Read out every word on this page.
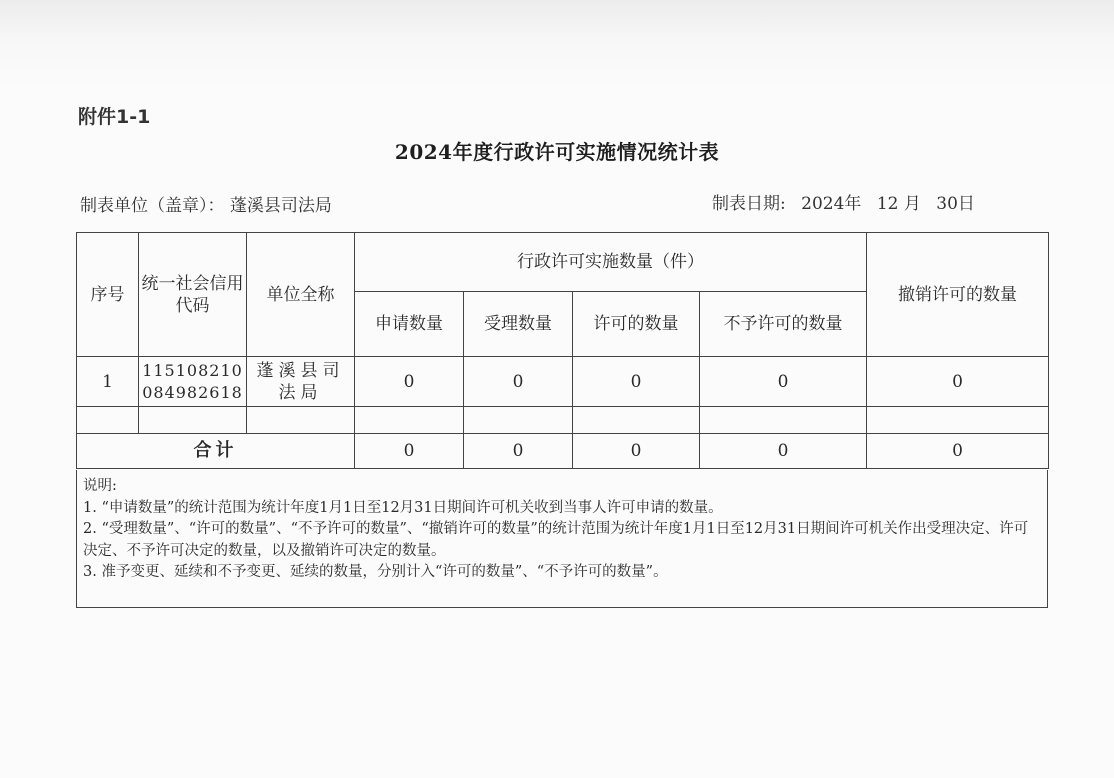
附件1-1
2024年度行政许可实施情况统计表
制表单位（盖章）： 蓬溪县司法局	制表日期: 2024年 12 月 30日
序号	统一社会信用代码	单位全称	行政许可实施数量（件）				撤销许可的数量
			申请数量	受理数量	许可的数量	不予许可的数量	
1	115108210084982618	蓬溪县司法局	0	0	0	0	0

合计			0	0	0	0	0
说明:
1. “申请数量”的统计范围为统计年度1月1日至12月31日期间许可机关收到当事人许可申请的数量。
2. “受理数量”、“许可的数量”、“不予许可的数量”、“撤销许可的数量”的统计范围为统计年度1月1日至12月31日期间许可机关作出受理决定、许可决定、不予许可决定的数量，以及撤销许可决定的数量。
3. 准予变更、延续和不予变更、延续的数量，分别计入“许可的数量”、“不予许可的数量”。
